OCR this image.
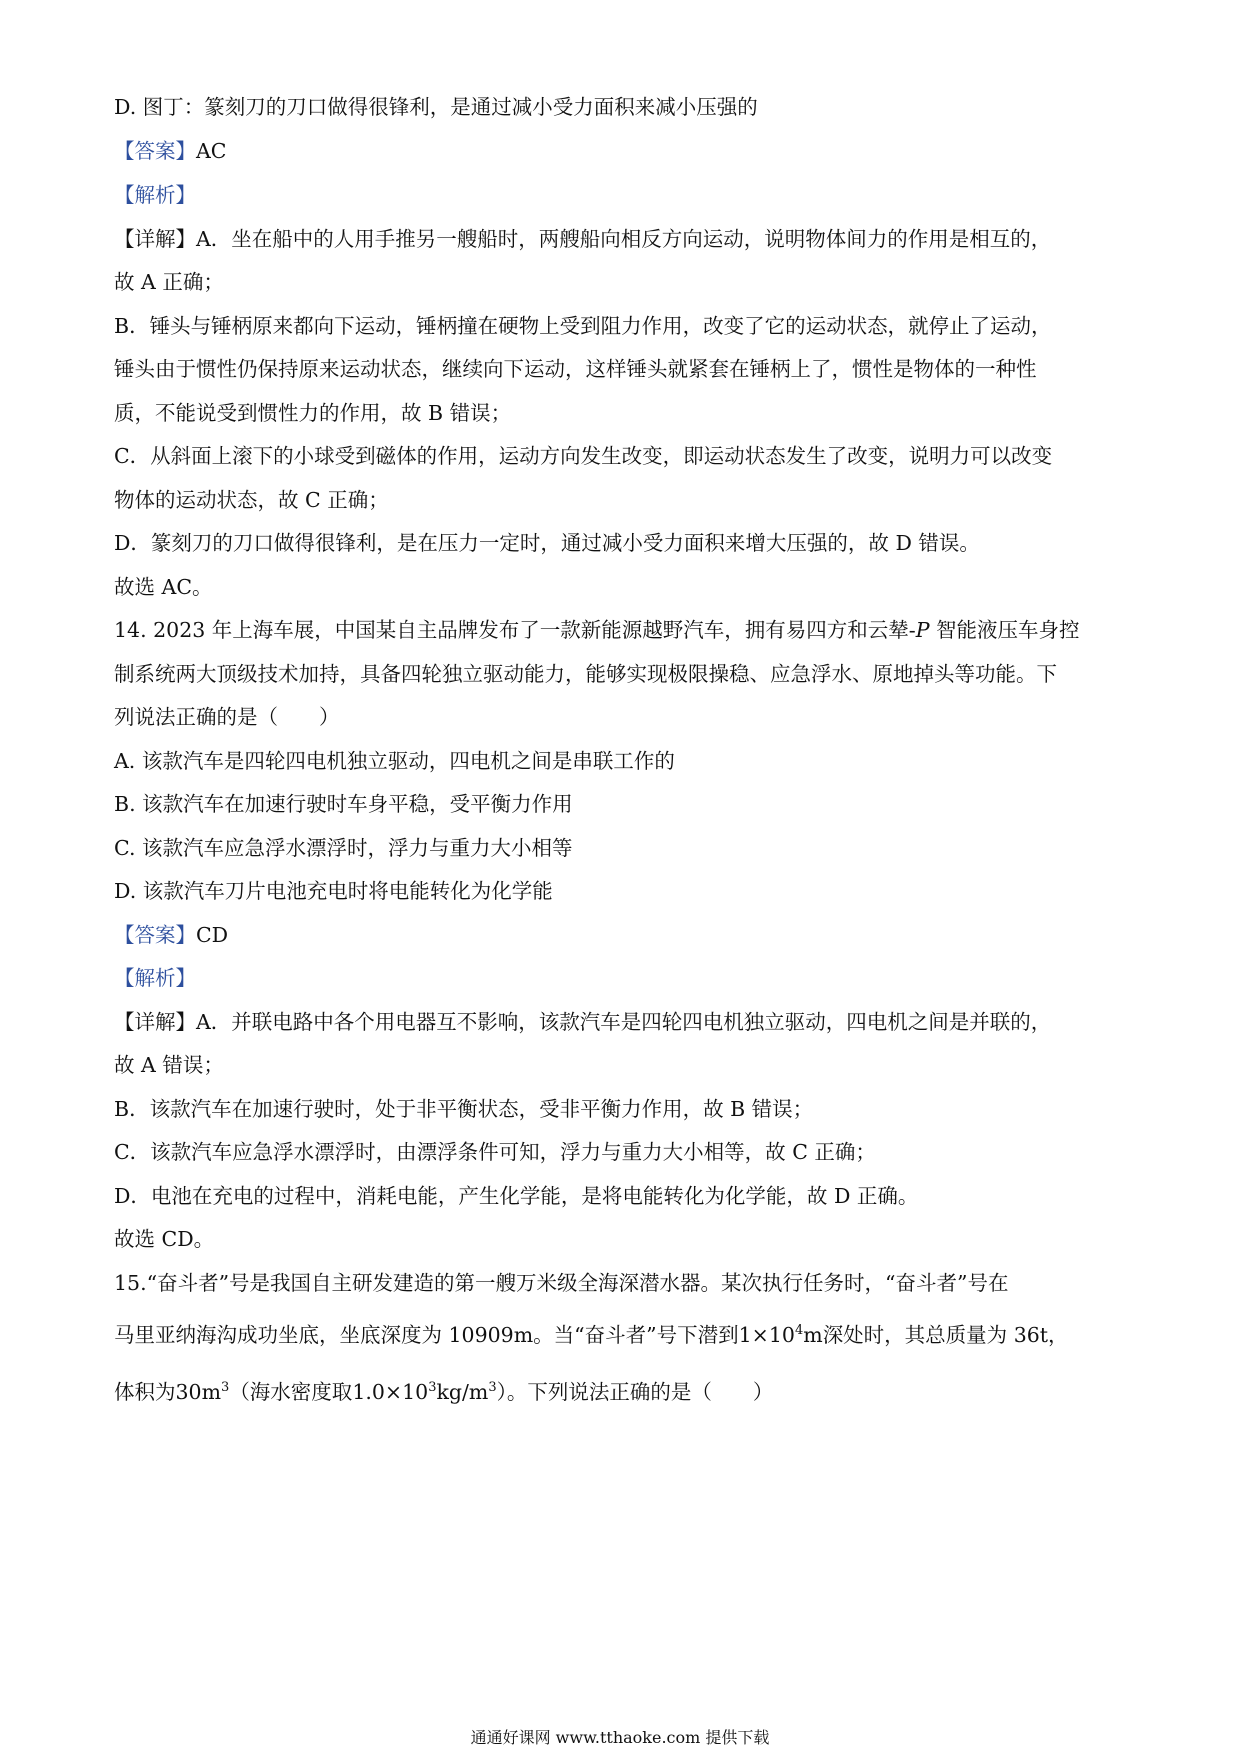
D. 图丁：篆刻刀的刀口做得很锋利，是通过减小受力面积来减小压强的
【答案】AC
【解析】
【详解】A．坐在船中的人用手推另一艘船时，两艘船向相反方向运动，说明物体间力的作用是相互的，
故 A 正确；
B．锤头与锤柄原来都向下运动，锤柄撞在硬物上受到阻力作用，改变了它的运动状态，就停止了运动，
锤头由于惯性仍保持原来运动状态，继续向下运动，这样锤头就紧套在锤柄上了，惯性是物体的一种性
质，不能说受到惯性力的作用，故 B 错误；
C．从斜面上滚下的小球受到磁体的作用，运动方向发生改变，即运动状态发生了改变，说明力可以改变
物体的运动状态，故 C 正确；
D．篆刻刀的刀口做得很锋利，是在压力一定时，通过减小受力面积来增大压强的，故 D 错误。
故选 AC。
14. 2023 年上海车展，中国某自主品牌发布了一款新能源越野汽车，拥有易四方和云辇-P 智能液压车身控
制系统两大顶级技术加持，具备四轮独立驱动能力，能够实现极限操稳、应急浮水、原地掉头等功能。下
列说法正确的是（　　）
A. 该款汽车是四轮四电机独立驱动，四电机之间是串联工作的
B. 该款汽车在加速行驶时车身平稳，受平衡力作用
C. 该款汽车应急浮水漂浮时，浮力与重力大小相等
D. 该款汽车刀片电池充电时将电能转化为化学能
【答案】CD
【解析】
【详解】A．并联电路中各个用电器互不影响，该款汽车是四轮四电机独立驱动，四电机之间是并联的，
故 A 错误；
B．该款汽车在加速行驶时，处于非平衡状态，受非平衡力作用，故 B 错误；
C．该款汽车应急浮水漂浮时，由漂浮条件可知，浮力与重力大小相等，故 C 正确；
D．电池在充电的过程中，消耗电能，产生化学能，是将电能转化为化学能，故 D 正确。
故选 CD。
15.“奋斗者”号是我国自主研发建造的第一艘万米级全海深潜水器。某次执行任务时，“奋斗者”号在
马里亚纳海沟成功坐底，坐底深度为 10909m。当“奋斗者”号下潜到$1\times 10^4m$深处时，其总质量为 36t，
体积为$30m^3$（海水密度取$1.0\times 10^3kg/m^3$）。下列说法正确的是（　　）
通通好课网 www.tthaoke.com 提供下载
